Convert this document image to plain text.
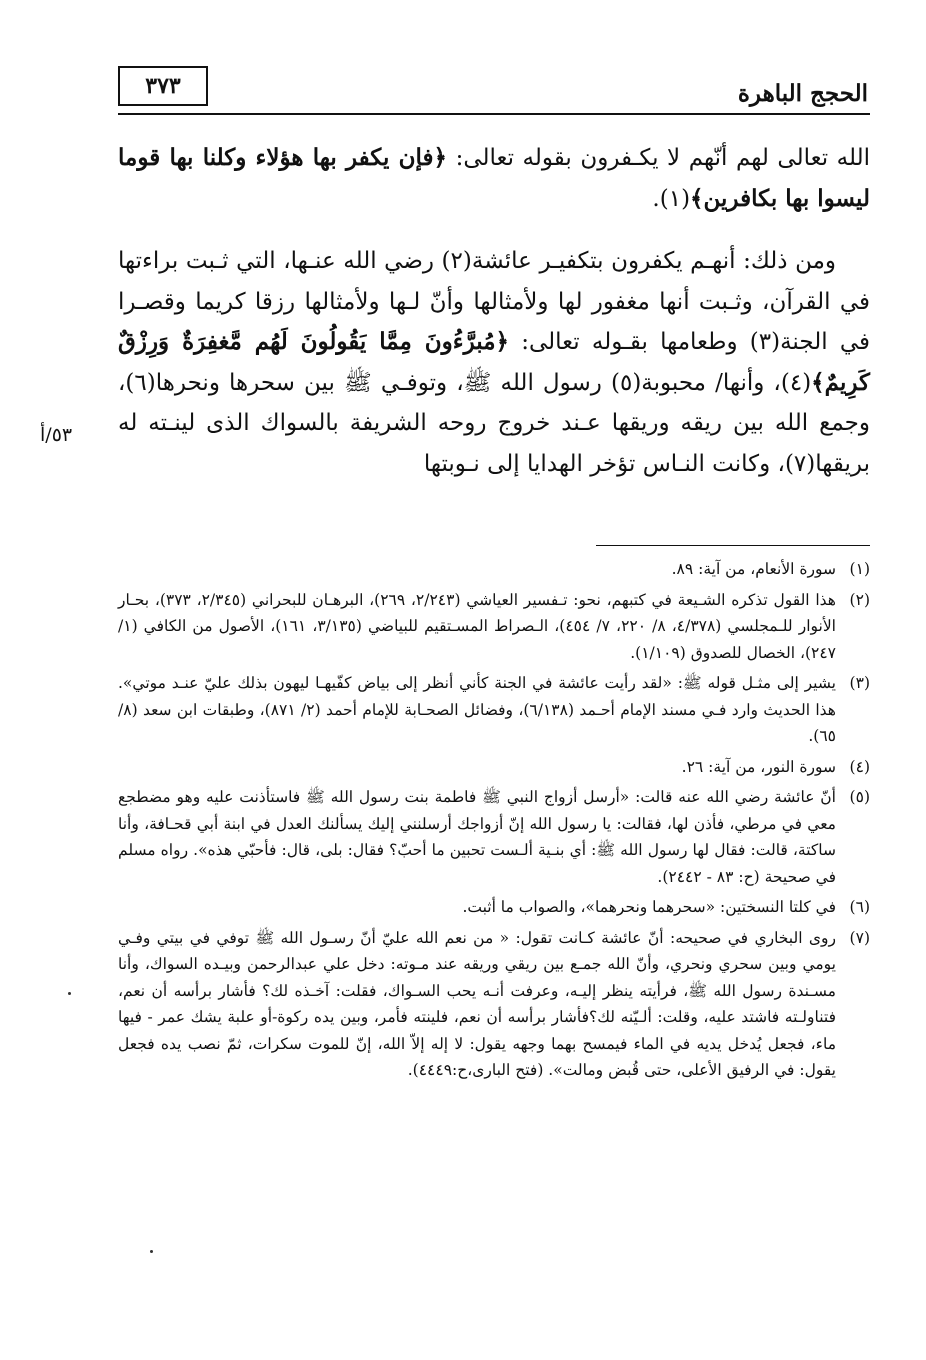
الحجج الباهرة
٣٧٣

الله تعالى لهم أنّهم لا يكـفرون بقوله تعالى: ﴿فإن يكفر بها هؤلاء وكلنا بها قوما ليسوا بها بكافرين﴾(١).

ومن ذلك: أنهـم يكفرون بتكفيـر عائشة(٢) رضي الله عنـها، التي ثـبت براءتها في القرآن، وثـبت أنها مغفور لها ولأمثالها وأنّ لـها ولأمثالها رزقا كريما وقصـرا في الجنة(٣) وطعامها بقـوله تعالى: ﴿مُبرَّءُونَ مِمَّا يَقُولُونَ لَهُم مَّغفِرَةٌ وَرِزْقٌ كَرِيمٌ﴾(٤)، وأنها/ محبوبة(٥) رسول الله ﷺ، وتوفـي ﷺ بين سحرها ونحرها(٦)، وجمع الله بين ريقه وريقها عـند خروج روحه الشريفة بالسواك الذى لينـته له بريقها(٧)، وكانت النـاس تؤخر الهدايا إلى نـوبتها

٥٣/أ
(١)
سورة الأنعام، من آية: ٨٩.
(٢)
هذا القول تذكره الشـيعة في كتبهم، نحو: تـفسير العياشي (٢/٢٤٣، ٢٦٩)، البرهـان للبحراني (٢/٣٤٥، ٣٧٣)، بحـار الأنوار للـمجلسي (٤/٣٧٨، ٨/ ٢٢٠، ٧/ ٤٥٤)، الـصراط المسـتقيم للبياضي (٣/١٣٥، ١٦١)، الأصول من الكافي (١/ ٢٤٧)، الخصال للصدوق (١/١٠٩).
(٣)
يشير إلى مثـل قوله ﷺ: «لقد رأيت عائشة في الجنة كأني أنظر إلى بياض كفّيهـا ليهون بذلك عليّ عنـد موتي». هذا الحديث وارد فـي مسند الإمام أحـمد (٦/١٣٨)، وفضائل الصحـابة للإمام أحمد (٢/ ٨٧١)، وطبقات ابن سعد (٨/ ٦٥).
(٤)
سورة النور، من آية: ٢٦.
(٥)
أنّ عائشة رضي الله عنه قالت: «أرسل أزواج النبي ﷺ فاطمة بنت رسول الله ﷺ فاستأذنت عليه وهو مضطجع معي في مرطي، فأذن لها، فقالت: يا رسول الله إنّ أزواجك أرسلنني إليك يسألنك العدل في ابنة أبي قحـافة، وأنا ساكتة، قالت: فقال لها رسول الله ﷺ: أي بنـية ألـست تحبين ما أحبّ؟ فقال: بلى، قال: فأحبّي هذه». رواه مسلم في صحيحة (ح: ٨٣ - ٢٤٤٢).
(٦)
في كلتا النسختين: «سحرهما ونحرهما»، والصواب ما أثبت.
(٧)
روى البخاري في صحيحه: أنّ عائشة كـانت تقول: « من نعم الله عليّ أنّ رسـول الله ﷺ توفي في بيتي وفـي يومي وبين سحري ونحري، وأنّ الله جمـع بين ريقي وريقه عند مـوته: دخل علي عبدالرحمن وبيـده السواك، وأنا مسـندة رسول الله ﷺ، فرأيته ينظر إليـه، وعرفت أنـه يحب السـواك، فقلت: آخـذه لك؟ فأشار برأسه أن نعم، فتناولـته فاشتد عليه، وقلت: ألـيّنه لك؟فأشار برأسه أن نعم، فلينته فأمر، وبين يده ركوة-أو علبة يشك عمر - فيها ماء، فجعل يُدخل يديه في الماء فيمسح بهما وجهه يقول: لا إله إلاّ الله، إنّ للموت سكرات، ثمّ نصب يده فجعل يقول: في الرفيق الأعلى، حتى قُبض ومالت». (فتح البارى،ح:٤٤٤٩).
